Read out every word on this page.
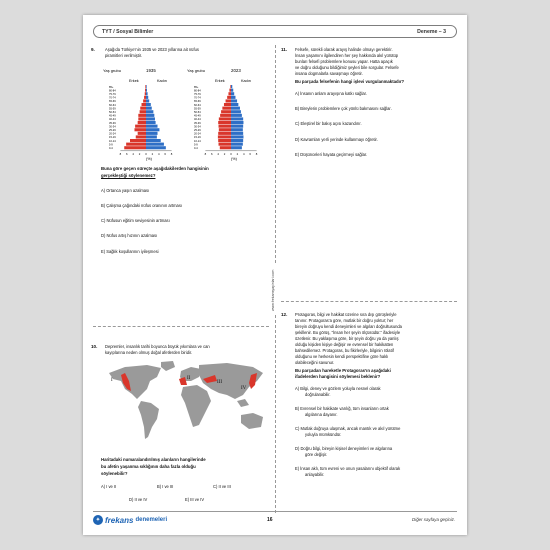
TYT / Sosyal Bilimler	Deneme – 3
www.frekansyayinlari.com
9. Aşağıda Türkiye’nin 1935 ve 2023 yıllarına ait nüfus
piramitleri verilmiştir.
Yaş grubu	Yaş grubu
1935	2023
Erkek	Kadın	Erkek	Kadın
(%)	(%)
0-4
5-9
10-14
15-19
20-24
25-29
30-34
35-39
40-44
45-49
50-54
55-59
60-64
65-69
70-74
75-79
80-84
85+
8 6 4 2 0 2 4 6 8
0-4
5-9
10-14
15-19
20-24
25-29
30-34
35-39
40-44
45-49
50-54
55-59
60-64
65-69
70-74
75-79
80-84
85+
8 6 4 2 0 2 4 6 8
Buna göre geçen süreçte aşağıdakilerden hangisinin
gerçekleştiği söylenemez?
A) Ortanca yaşın azalması
B) Çalışma çağındaki nüfus oranının artması
C) Nüfusun eğitim seviyesinin artması
D) Nüfus artış hızının azalması
E) Sağlık koşullarının iyileşmesi
10. Depremler, insanlık tarihi boyunca büyük yıkımlara ve can
kayıplarına neden olmuş doğal afetlerden biridir.
I	II
III
IV
Haritadaki numaralandırılmış alanların hangilerinde
bu afetin yaşanma sıklığının daha fazla olduğu
söylenebilir?
A) I ve II	B) I ve III	C) II ve III
D) II ve IV	E) III ve IV
11. Felsefe, sürekli olarak arayış halinde olmayı gerektirir.
İnsan yaşamını ilgilendiren her şey hakkında akıl yürütüp
bunları felsefi problemlere konusu yapar. Hatta apaçık
ve doğru olduğunu bildiğimiz şeyleri bile sorgular. Felsefe
insana dogmalarla savaşmayı öğretir.
Bu parçada felsefenin hangi işlevi vurgulanmaktadır?
A) İnsanın anlam arayışına katkı sağlar.
B) Bireylerin problemlere çok yönlü bakmasını sağlar.
C) Eleştirel bir bakış açısı kazandırır.
D) Kavramları yerli yerinde kullanmayı öğretir.
E) Düşünceleri hayata geçirmeyi sağlar.
12. Protagoras, bilgi ve hakikat üzerine sıra dışı görüşleriyle
tanınır. Protagoras’a göre, mutlak bir doğru yoktur; her
bireyin doğruyu kendi deneyimleri ve algıları doğrultusunda
şekillenir. Bu görüş, “İnsan her şeyin ölçüsüdür.” ifadesiyle
özetlenir. Bu yaklaşıma göre, bir şeyin doğru ya da yanlış
olduğu kişiden kişiye değişir ve evrensel bir hakikatten
bahsedilemez. Protagoras, bu fikirleriyle, bilginin rölatif
olduğunu ve herkesin kendi perspektifine göre haklı
olabileceğini savunur.
Bu parçadan hareketle Protagoras’ın aşağıdaki
ifadelerden hangisini söylemesi beklenir?
A) Bilgi, deney ve gözlem yoluyla nesnel olarak
doğrulanabilir.
B) Evrensel bir hakikate varılığ, tüm insanların ortak
algılarına dayanır.
C) Mutlak doğruya ulaşmak, ancak mantık ve akıl yürütme
yoluyla mümkündür.
D) Doğru bilgi, bireyin kişisel deneyimleri ve algılarına
göre değişir.
E) İnsan aklı, tüm evreni ve onun yasalarını objektif olarak
anlayabilir.
✦ frekans denemeleri	16	Diğer sayfaya geçiniz.
